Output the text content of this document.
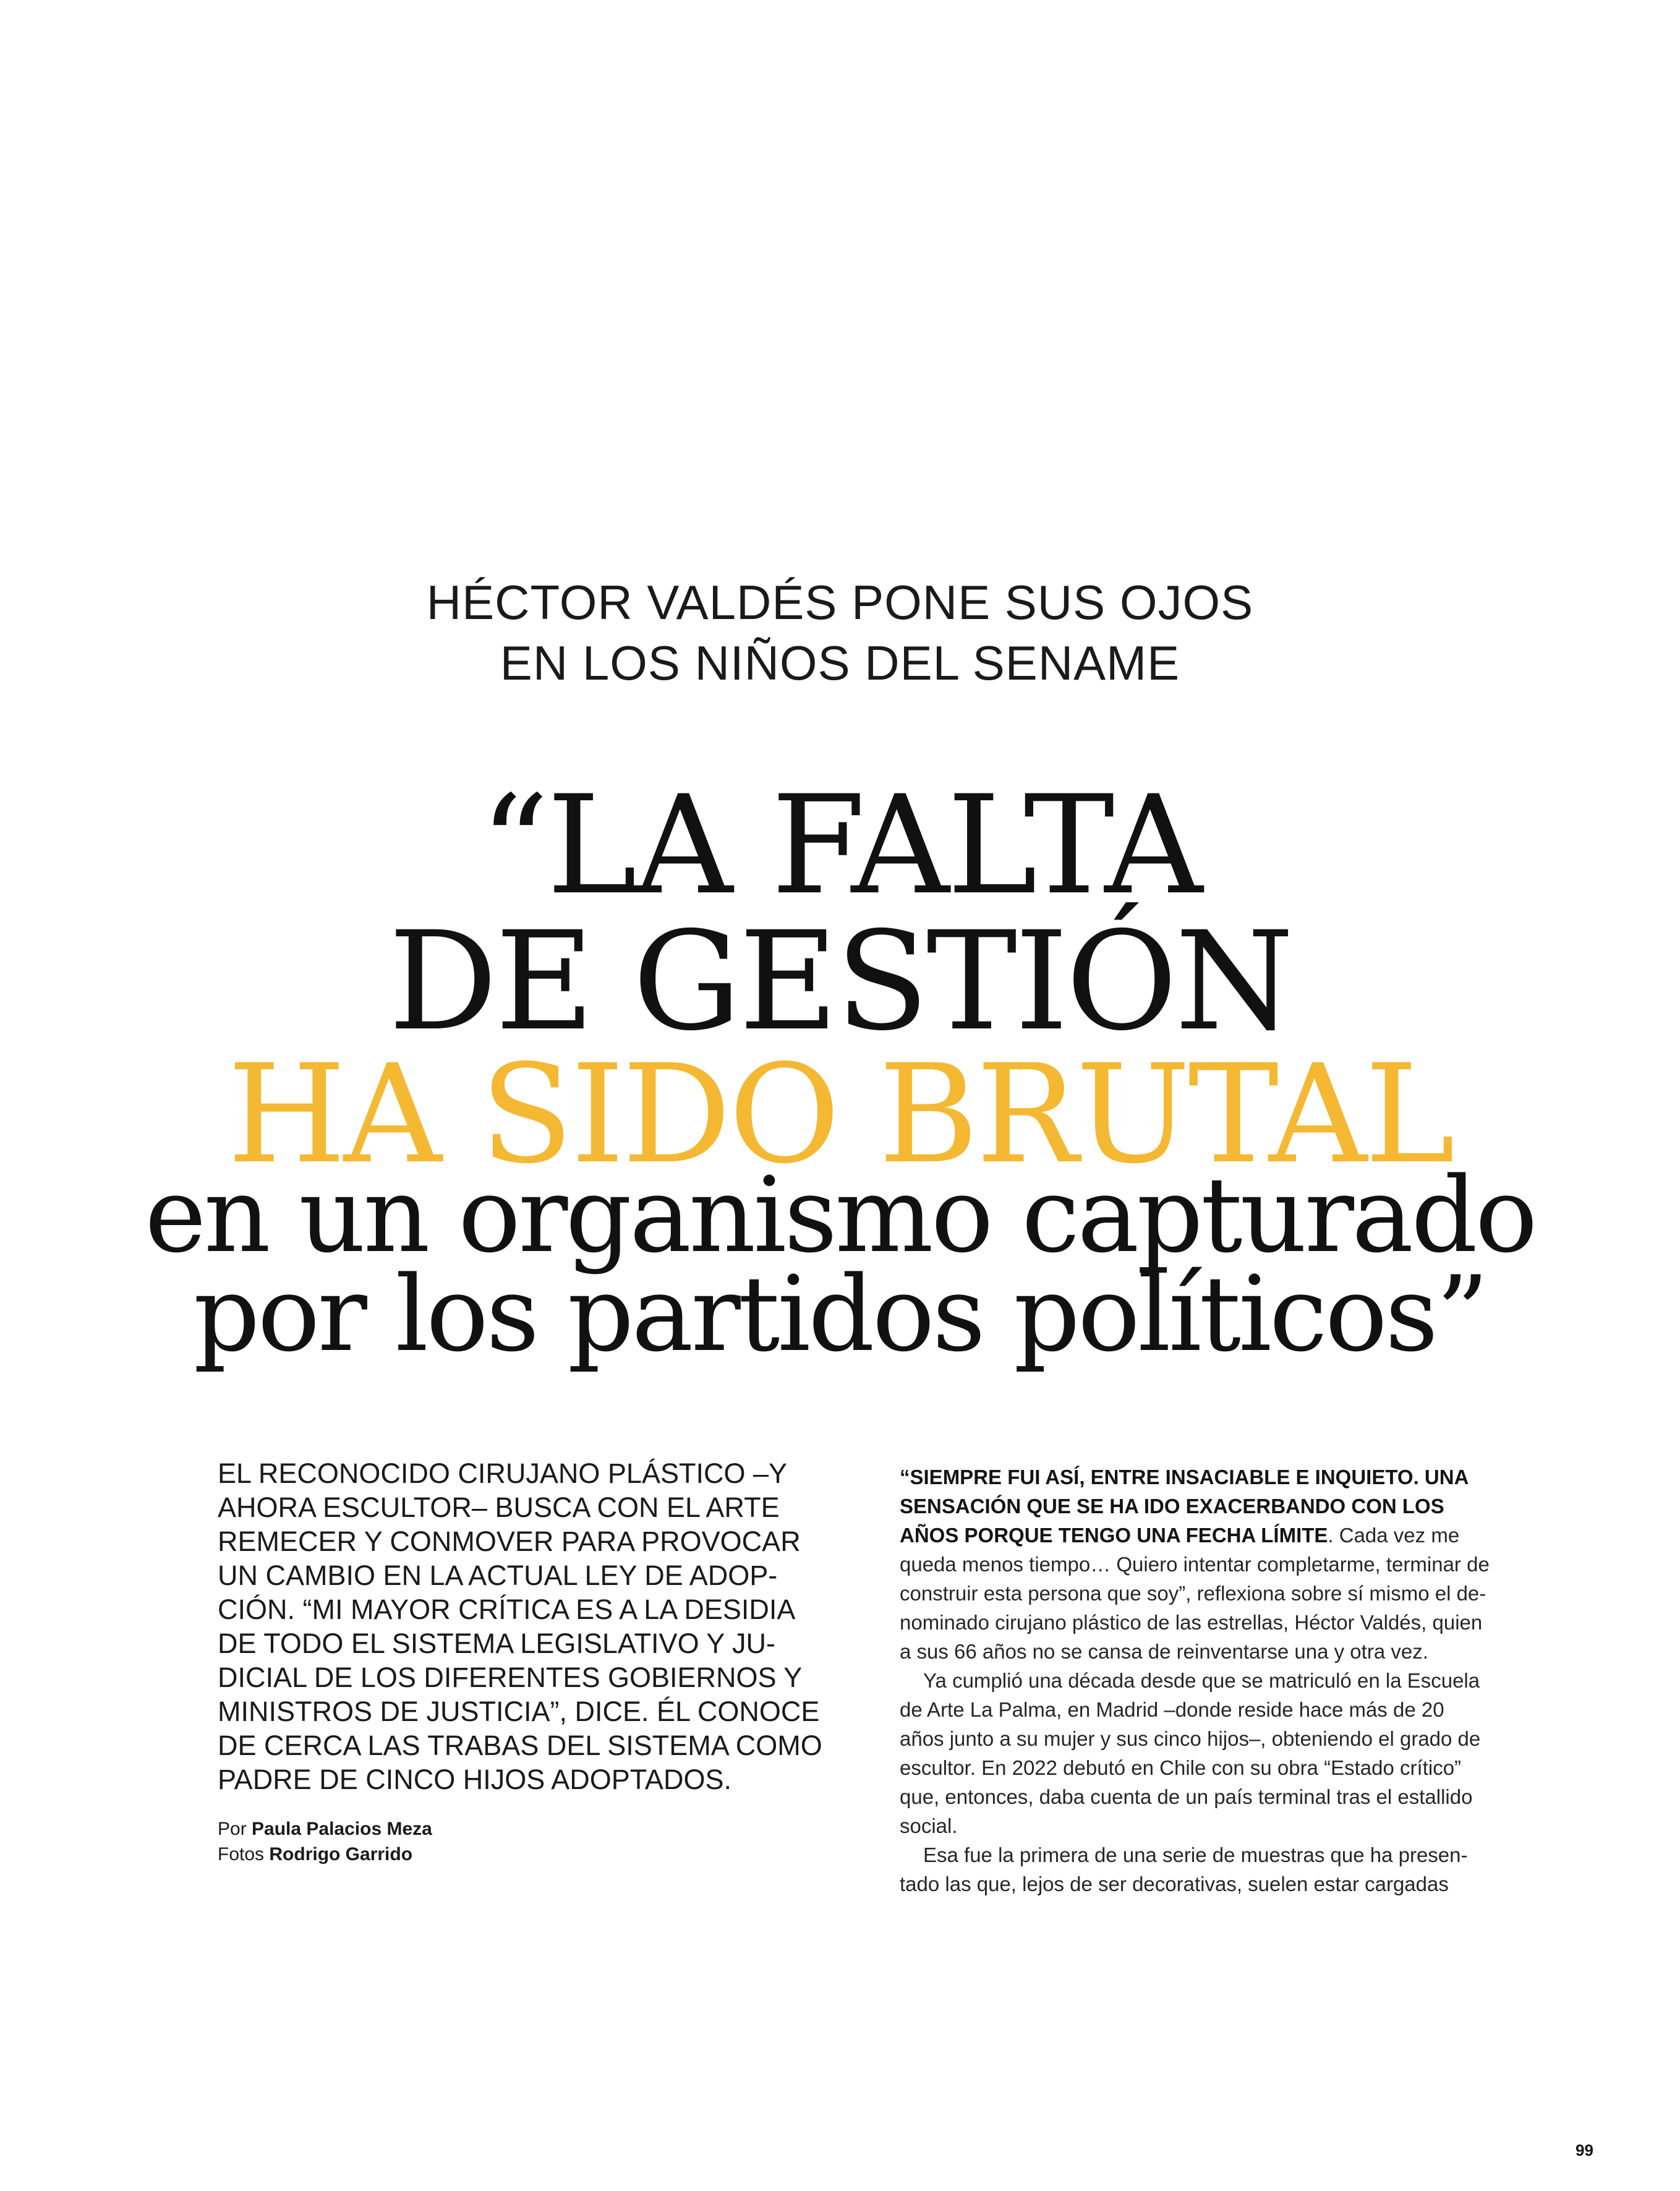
HÉCTOR VALDÉS PONE SUS OJOS
EN LOS NIÑOS DEL SENAME
“LA FALTA
DE GESTIÓN
HA SIDO BRUTAL
en un organismo capturado
por los partidos políticos”
EL RECONOCIDO CIRUJANO PLÁSTICO –Y
AHORA ESCULTOR– BUSCA CON EL ARTE
REMECER Y CONMOVER PARA PROVOCAR
UN CAMBIO EN LA ACTUAL LEY DE ADOP-
CIÓN. “MI MAYOR CRÍTICA ES A LA DESIDIA
DE TODO EL SISTEMA LEGISLATIVO Y JU-
DICIAL DE LOS DIFERENTES GOBIERNOS Y
MINISTROS DE JUSTICIA”, DICE. ÉL CONOCE
DE CERCA LAS TRABAS DEL SISTEMA COMO
PADRE DE CINCO HIJOS ADOPTADOS.
Por Paula Palacios Meza
Fotos Rodrigo Garrido
“SIEMPRE FUI ASÍ, ENTRE INSACIABLE E INQUIETO. UNA
SENSACIÓN QUE SE HA IDO EXACERBANDO CON LOS
AÑOS PORQUE TENGO UNA FECHA LÍMITE. Cada vez me
queda menos tiempo… Quiero intentar completarme, terminar de
construir esta persona que soy”, reflexiona sobre sí mismo el de-
nominado cirujano plástico de las estrellas, Héctor Valdés, quien
a sus 66 años no se cansa de reinventarse una y otra vez.
Ya cumplió una década desde que se matriculó en la Escuela
de Arte La Palma, en Madrid –donde reside hace más de 20
años junto a su mujer y sus cinco hijos–, obteniendo el grado de
escultor. En 2022 debutó en Chile con su obra “Estado crítico”
que, entonces, daba cuenta de un país terminal tras el estallido
social.
Esa fue la primera de una serie de muestras que ha presen-
tado las que, lejos de ser decorativas, suelen estar cargadas
99
